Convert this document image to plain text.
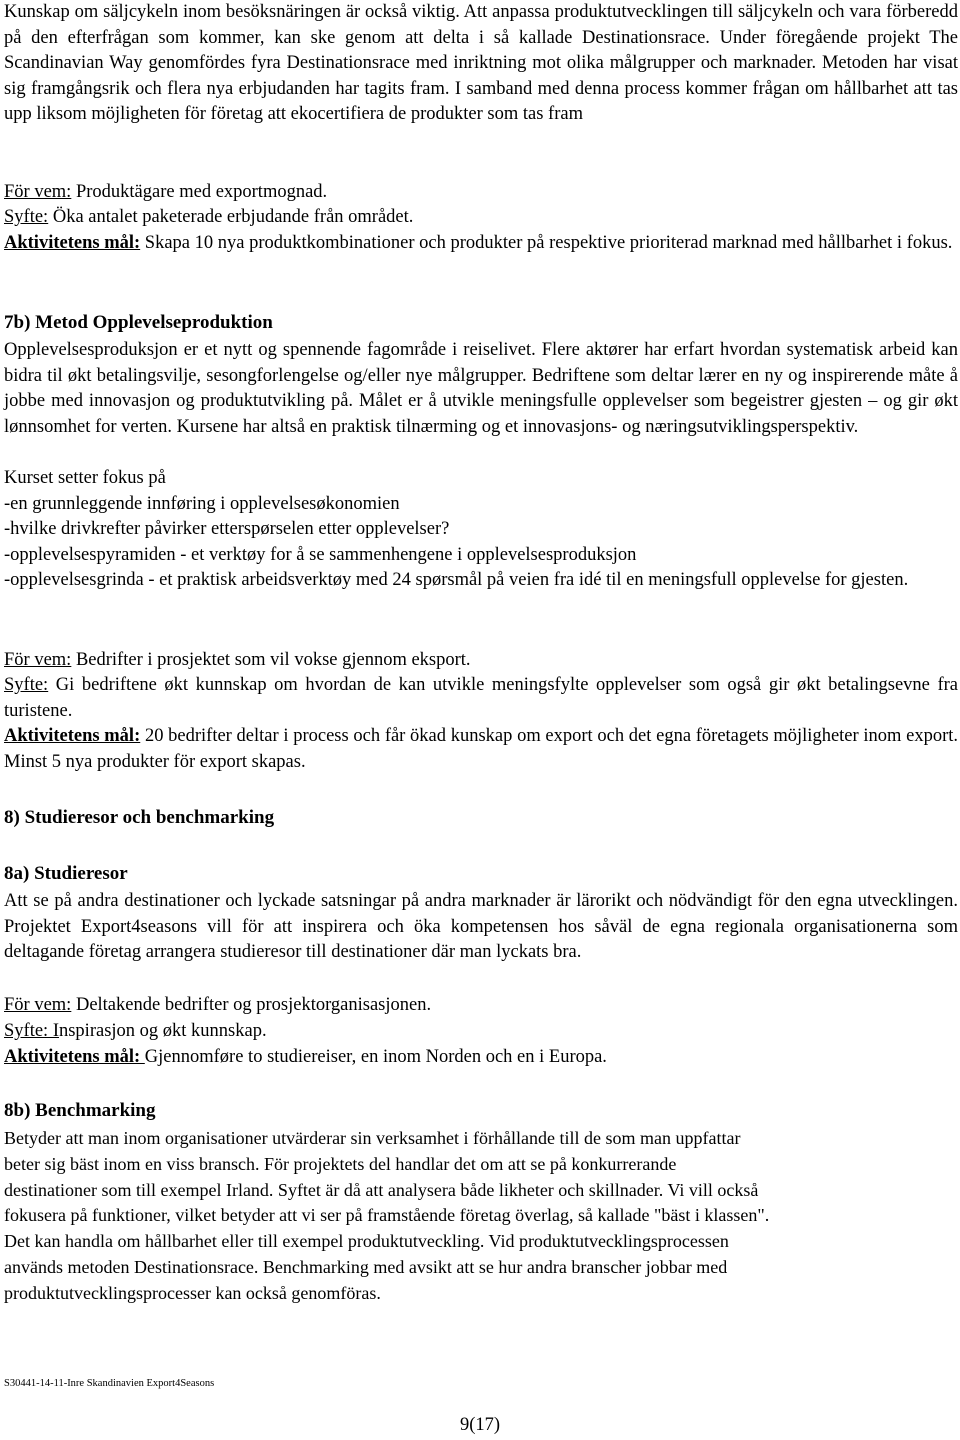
Kunskap om säljcykeln inom besöksnäringen är också viktig. Att anpassa produktutvecklingen till säljcykeln och vara förberedd på den efterfrågan som kommer, kan ske genom att delta i så kallade Destinationsrace. Under föregående projekt The Scandinavian Way genomfördes fyra Destinationsrace med inriktning mot olika målgrupper och marknader. Metoden har visat sig framgångsrik och flera nya erbjudanden har tagits fram. I samband med denna process kommer frågan om hållbarhet att tas upp liksom möjligheten för företag att ekocertifiera de produkter som tas fram
För vem: Produktägare med exportmognad.
Syfte: Öka antalet paketerade erbjudande från området.
Aktivitetens mål: Skapa 10 nya produktkombinationer och produkter på respektive prioriterad marknad med hållbarhet i fokus.
7b) Metod Opplevelseproduktion
Opplevelsesproduksjon er et nytt og spennende fagområde i reiselivet. Flere aktører har erfart hvordan systematisk arbeid kan bidra til økt betalingsvilje, sesongforlengelse og/eller nye målgrupper. Bedriftene som deltar lærer en ny og inspirerende måte å jobbe med innovasjon og produktutvikling på. Målet er å utvikle meningsfulle opplevelser som begeistrer gjesten – og gir økt lønnsomhet for verten. Kursene har altså en praktisk tilnærming og et innovasjons- og næringsutviklingsperspektiv.
Kurset setter fokus på
-en grunnleggende innføring i opplevelsesøkonomien
-hvilke drivkrefter påvirker etterspørselen etter opplevelser?
-opplevelsespyramiden - et verktøy for å se sammenhengene i opplevelsesproduksjon
-opplevelsesgrinda - et praktisk arbeidsverktøy med 24 spørsmål på veien fra idé til en meningsfull opplevelse for gjesten.
För vem: Bedrifter i prosjektet som vil vokse gjennom eksport.
Syfte: Gi bedriftene økt kunnskap om hvordan de kan utvikle meningsfylte opplevelser som også gir økt betalingsevne fra turistene.
Aktivitetens mål: 20 bedrifter deltar i process och får ökad kunskap om export och det egna företagets möjligheter inom export. Minst 5 nya produkter för export skapas.
8) Studieresor och benchmarking
8a) Studieresor
Att se på andra destinationer och lyckade satsningar på andra marknader är lärorikt och nödvändigt för den egna utvecklingen. Projektet Export4seasons vill för att inspirera och öka kompetensen hos såväl de egna regionala organisationerna som deltagande företag arrangera studieresor till destinationer där man lyckats bra.
För vem: Deltakende bedrifter og prosjektorganisasjonen.
Syfte: Inspirasjon og økt kunnskap.
Aktivitetens mål: Gjennomføre to studiereiser, en inom Norden och en i Europa.
8b) Benchmarking
Betyder att man inom organisationer utvärderar sin verksamhet i förhållande till de som man uppfattar
beter sig bäst inom en viss bransch. För projektets del handlar det om att se på konkurrerande
destinationer som till exempel Irland. Syftet är då att analysera både likheter och skillnader. Vi vill också
fokusera på funktioner, vilket betyder att vi ser på framstående företag överlag, så kallade "bäst i klassen".
Det kan handla om hållbarhet eller till exempel produktutveckling. Vid produktutvecklingsprocessen
används metoden Destinationsrace. Benchmarking med avsikt att se hur andra branscher jobbar med
produktutvecklingsprocesser kan också genomföras.
S30441-14-11-Inre Skandinavien Export4Seasons
9(17)
